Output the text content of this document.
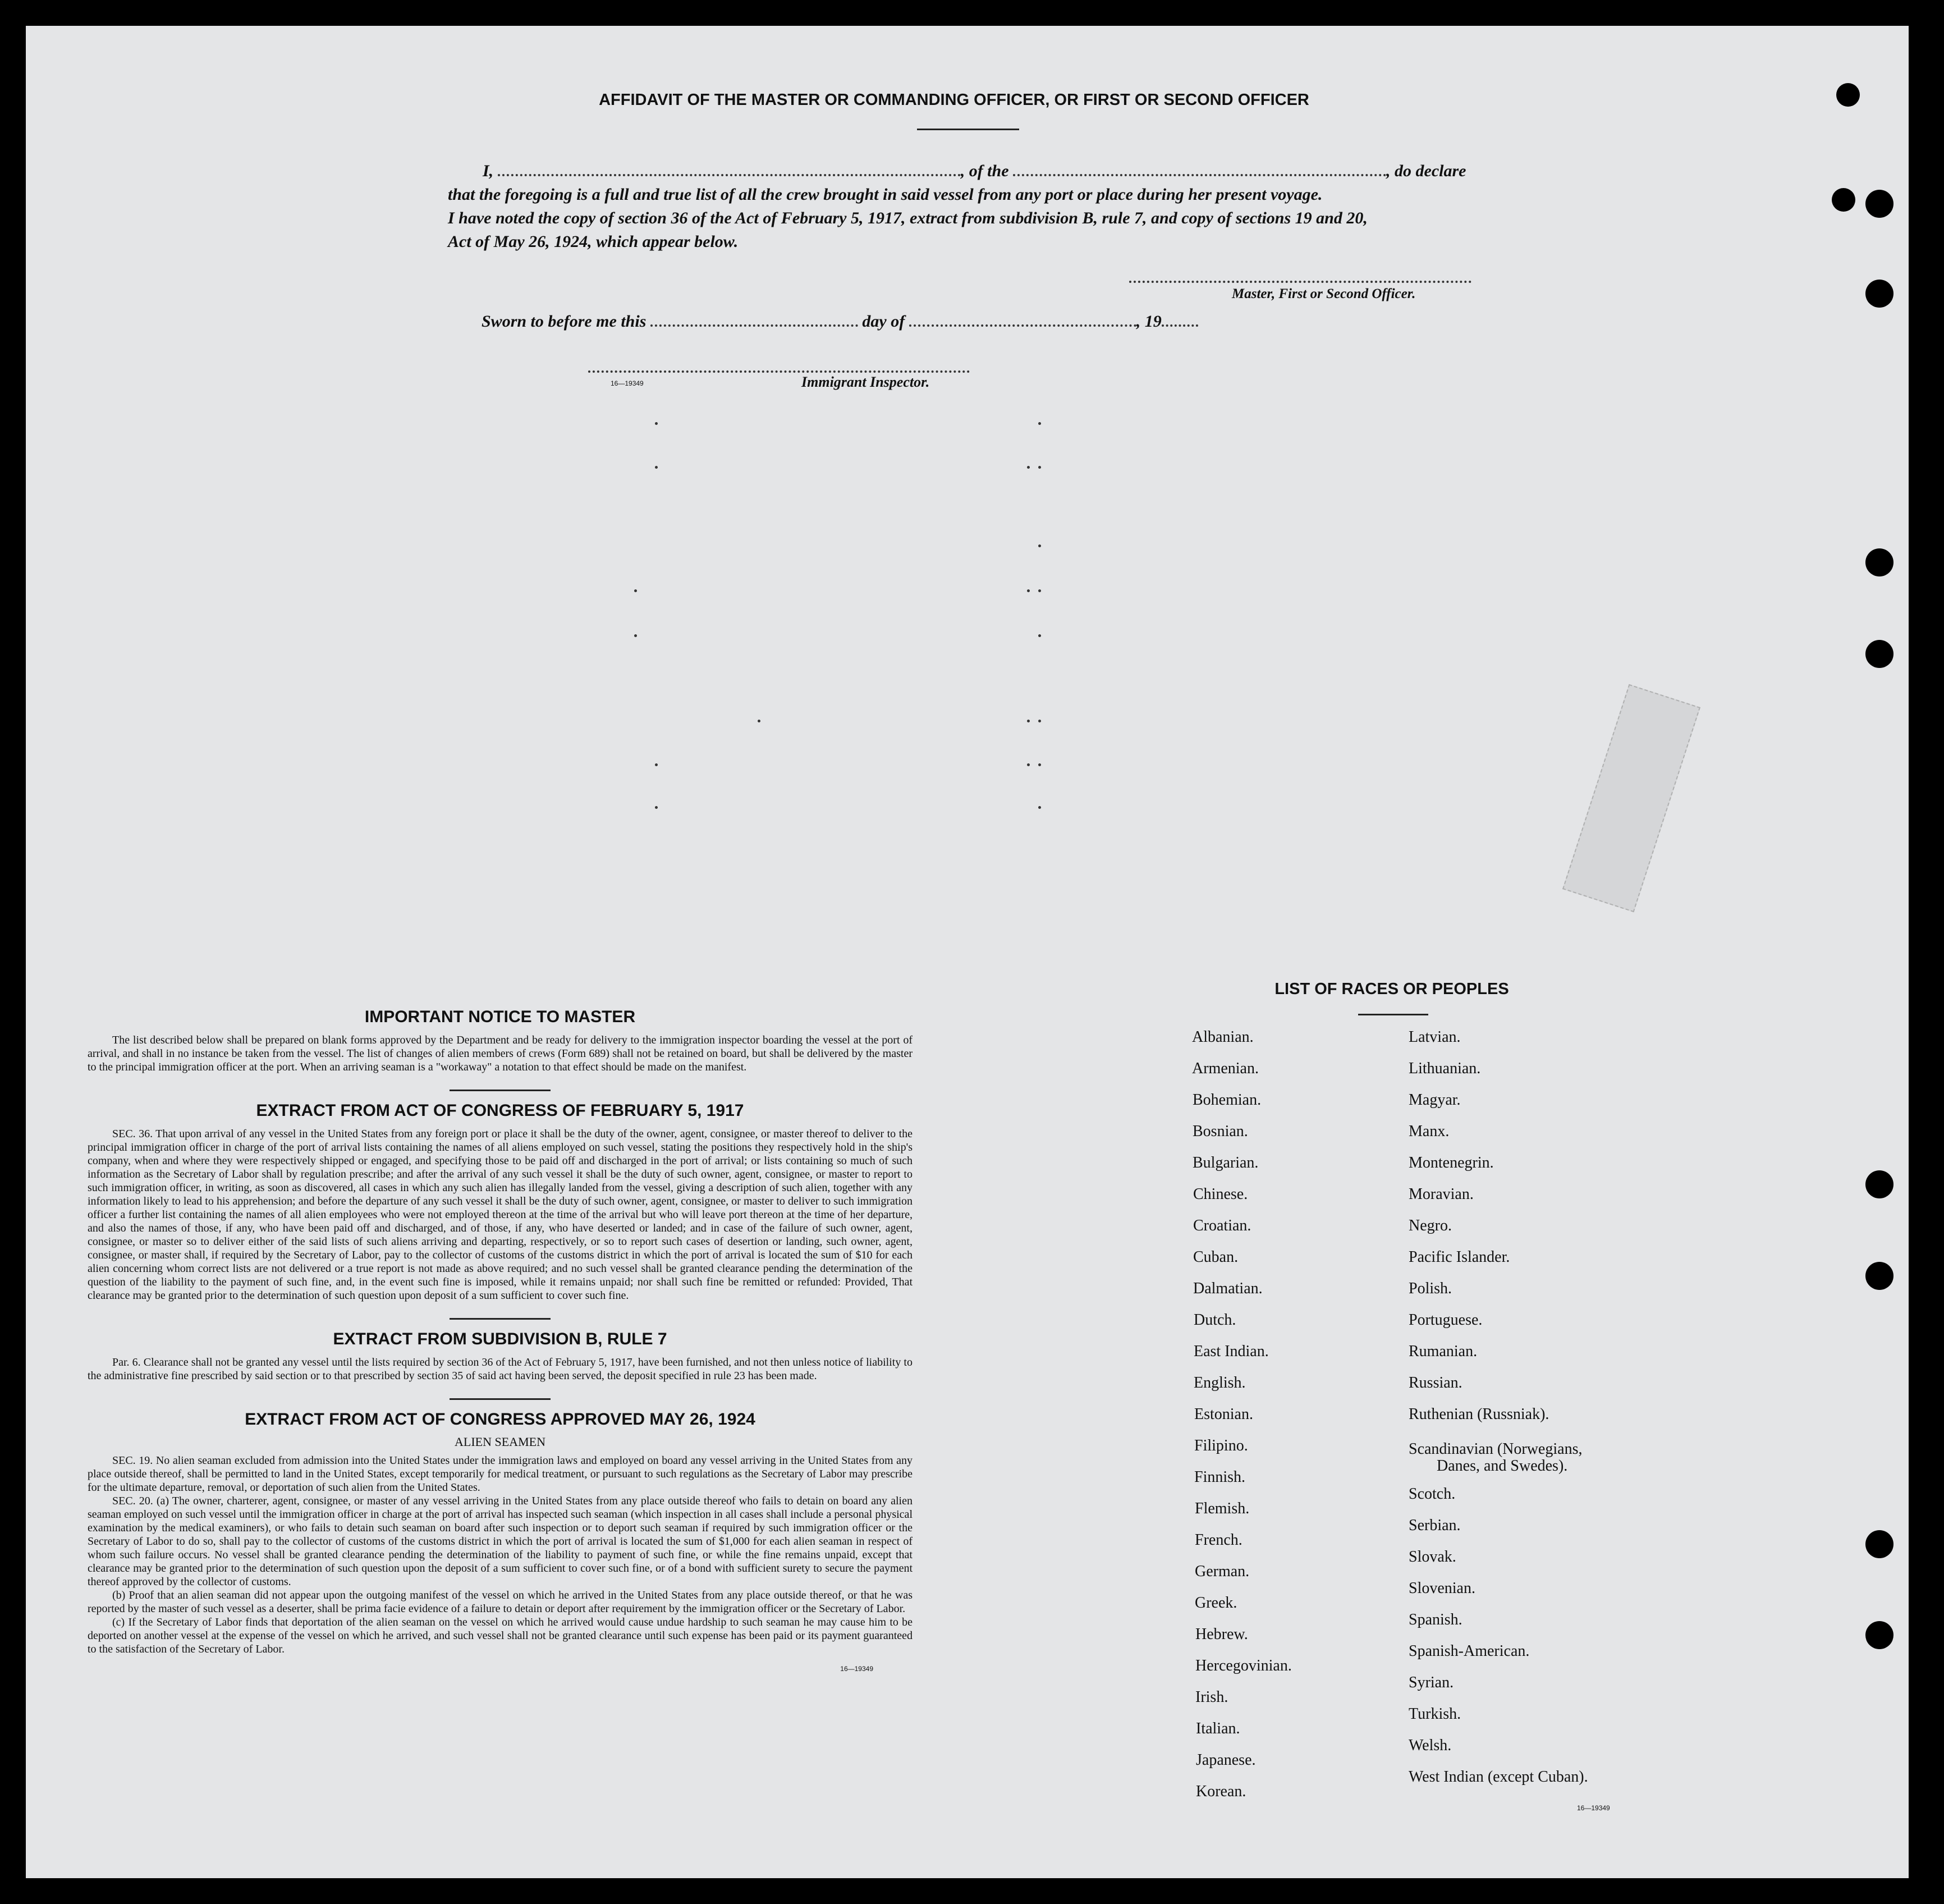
AFFIDAVIT OF THE MASTER OR COMMANDING OFFICER, OR FIRST OR SECOND OFFICER
I,	, of the	, do declare
that the foregoing is a full and true list of all the crew brought in said vessel from any port or place during her present voyage.
I have noted the copy of section 36 of the Act of February 5, 1917, extract from subdivision B, rule 7, and copy of sections 19 and 20,
Act of May 26, 1924, which appear below.
Master, First or Second Officer.
Sworn to before me this	day of	, 19
16—19349	Immigrant Inspector.
IMPORTANT NOTICE TO MASTER
The list described below shall be prepared on blank forms approved by the Department and be ready for delivery to the immigration inspector boarding the vessel at the port of arrival, and shall in no instance be taken from the vessel. The list of changes of alien members of crews (Form 689) shall not be retained on board, but shall be delivered by the master to the principal immigration officer at the port. When an arriving seaman is a "workaway" a notation to that effect should be made on the manifest.
EXTRACT FROM ACT OF CONGRESS OF FEBRUARY 5, 1917
SEC. 36. That upon arrival of any vessel in the United States from any foreign port or place it shall be the duty of the owner, agent, consignee, or master thereof to deliver to the principal immigration officer in charge of the port of arrival lists containing the names of all aliens employed on such vessel, stating the positions they respectively hold in the ship's company, when and where they were respectively shipped or engaged, and specifying those to be paid off and discharged in the port of arrival; or lists containing so much of such information as the Secretary of Labor shall by regulation prescribe; and after the arrival of any such vessel it shall be the duty of such owner, agent, consignee, or master to report to such immigration officer, in writing, as soon as discovered, all cases in which any such alien has illegally landed from the vessel, giving a description of such alien, together with any information likely to lead to his apprehension; and before the departure of any such vessel it shall be the duty of such owner, agent, consignee, or master to deliver to such immigration officer a further list containing the names of all alien employees who were not employed thereon at the time of the arrival but who will leave port thereon at the time of her departure, and also the names of those, if any, who have been paid off and discharged, and of those, if any, who have deserted or landed; and in case of the failure of such owner, agent, consignee, or master so to deliver either of the said lists of such aliens arriving and departing, respectively, or so to report such cases of desertion or landing, such owner, agent, consignee, or master shall, if required by the Secretary of Labor, pay to the collector of customs of the customs district in which the port of arrival is located the sum of $10 for each alien concerning whom correct lists are not delivered or a true report is not made as above required; and no such vessel shall be granted clearance pending the determination of the question of the liability to the payment of such fine, and, in the event such fine is imposed, while it remains unpaid; nor shall such fine be remitted or refunded: Provided, That clearance may be granted prior to the determination of such question upon deposit of a sum sufficient to cover such fine.
EXTRACT FROM SUBDIVISION B, RULE 7
Par. 6. Clearance shall not be granted any vessel until the lists required by section 36 of the Act of February 5, 1917, have been furnished, and not then unless notice of liability to the administrative fine prescribed by said section or to that prescribed by section 35 of said act having been served, the deposit specified in rule 23 has been made.
EXTRACT FROM ACT OF CONGRESS APPROVED MAY 26, 1924
ALIEN SEAMEN
SEC. 19. No alien seaman excluded from admission into the United States under the immigration laws and employed on board any vessel arriving in the United States from any place outside thereof, shall be permitted to land in the United States, except temporarily for medical treatment, or pursuant to such regulations as the Secretary of Labor may prescribe for the ultimate departure, removal, or deportation of such alien from the United States.
SEC. 20. (a) The owner, charterer, agent, consignee, or master of any vessel arriving in the United States from any place outside thereof who fails to detain on board any alien seaman employed on such vessel until the immigration officer in charge at the port of arrival has inspected such seaman (which inspection in all cases shall include a personal physical examination by the medical examiners), or who fails to detain such seaman on board after such inspection or to deport such seaman if required by such immigration officer or the Secretary of Labor to do so, shall pay to the collector of customs of the customs district in which the port of arrival is located the sum of $1,000 for each alien seaman in respect of whom such failure occurs. No vessel shall be granted clearance pending the determination of the liability to payment of such fine, or while the fine remains unpaid, except that clearance may be granted prior to the determination of such question upon the deposit of a sum sufficient to cover such fine, or of a bond with sufficient surety to secure the payment thereof approved by the collector of customs.
(b) Proof that an alien seaman did not appear upon the outgoing manifest of the vessel on which he arrived in the United States from any place outside thereof, or that he was reported by the master of such vessel as a deserter, shall be prima facie evidence of a failure to detain or deport after requirement by the immigration officer or the Secretary of Labor.
(c) If the Secretary of Labor finds that deportation of the alien seaman on the vessel on which he arrived would cause undue hardship to such seaman he may cause him to be deported on another vessel at the expense of the vessel on which he arrived, and such vessel shall not be granted clearance until such expense has been paid or its payment guaranteed to the satisfaction of the Secretary of Labor.
16—19349
LIST OF RACES OR PEOPLES
Albanian.
Armenian.
Bohemian.
Bosnian.
Bulgarian.
Chinese.
Croatian.
Cuban.
Dalmatian.
Dutch.
East Indian.
English.
Estonian.
Filipino.
Finnish.
Flemish.
French.
German.
Greek.
Hebrew.
Hercegovinian.
Irish.
Italian.
Japanese.
Korean.
Latvian.
Lithuanian.
Magyar.
Manx.
Montenegrin.
Moravian.
Negro.
Pacific Islander.
Polish.
Portuguese.
Rumanian.
Russian.
Ruthenian (Russniak).
Scandinavian (Norwegians,
Danes, and Swedes).
Scotch.
Serbian.
Slovak.
Slovenian.
Spanish.
Spanish-American.
Syrian.
Turkish.
Welsh.
West Indian (except Cuban).
16—19349
